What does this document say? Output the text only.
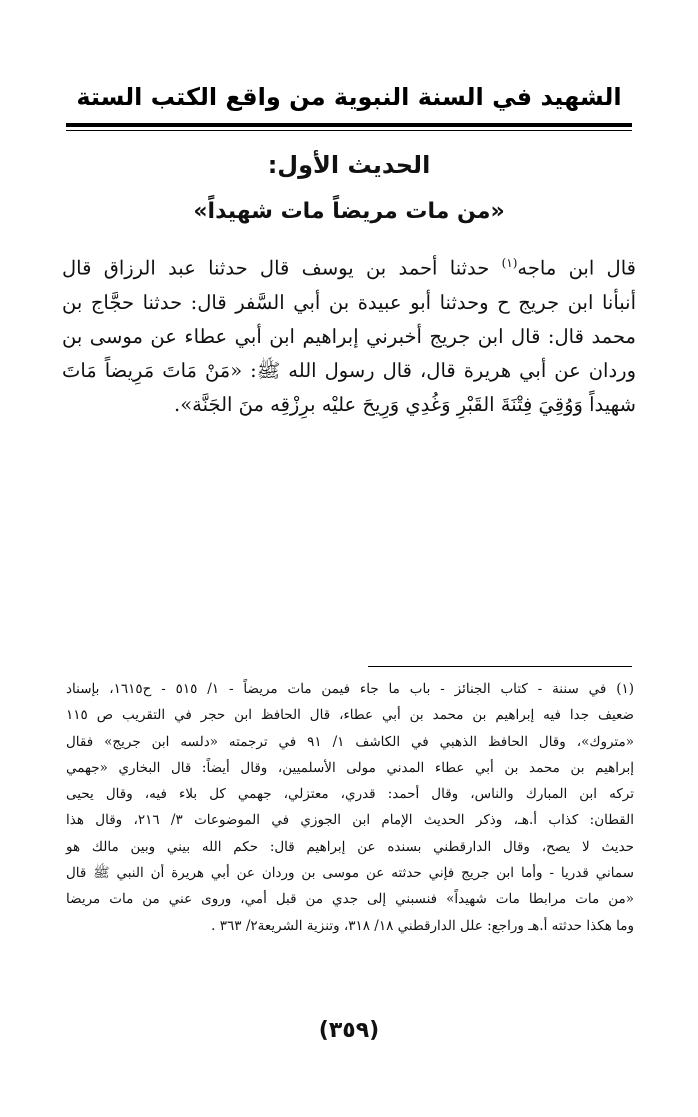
الشهيد في السنة النبوية من واقع الكتب الستة
الحديث الأول:
«من مات مريضاً مات شهيداً»
قال ابن ماجه$^{(١)}$ حدثنا أحمد بن يوسف قال حدثنا عبد الرزاق قال
أنبأنا ابن جريج ح وحدثنا أبو عبيدة بن أبي السَّفر قال: حدثنا حجَّاج بن
محمد قال: قال ابن جريج أخبرني إبراهيم ابن أبي عطاء عن موسى بن
وردان عن أبي هريرة قال، قال رسول الله ﷺ: «مَنْ مَاتَ مَرِيضاً مَاتَ
شهيداً وَوُقِيَ فِتْنَةَ القَبْرِ وَغُدِي وَرِيحَ عليْه برِزْقِه منَ الجَنَّة».
(١) في سننة - كتاب الجنائز - باب ما جاء فيمن مات مريضاً - ١/ ٥١٥ - ح١٦١٥، بإسناد
ضعيف جدا فيه إبراهيم بن محمد بن أبي عطاء، قال الحافظ ابن حجر في التقريب ص ١١٥
«متروك»، وقال الحافظ الذهبي في الكاشف ١/ ٩١ في ترجمته «دلسه ابن جريج» فقال
إبراهيم بن محمد بن أبي عطاء المدني مولى الأسلميين، وقال أيضاً: قال البخاري «جهمي
تركه ابن المبارك والناس، وقال أحمد: قدري، معتزلي، جهمي كل بلاء فيه، وقال يحيى
القطان: كذاب أ.هـ، وذكر الحديث الإمام ابن الجوزي في الموضوعات ٣/ ٢١٦، وقال هذا
حديث لا يصح، وقال الدارقطني بسنده عن إبراهيم قال: حكم الله بيني وبين مالك هو
سماني قدريا - وأما ابن جريج فإني حدثته عن موسى بن وردان عن أبي هريرة أن النبي ﷺ قال
«من مات مرابطا مات شهيداً» فنسبني إلى جدي من قبل أمي، وروى عني من مات مريضا
وما هكذا حدثته أ.هـ وراجع: علل الدارقطني ١٨/ ٣١٨، وتنزية الشريعة٢/ ٣٦٣ .
(٣٥٩)
